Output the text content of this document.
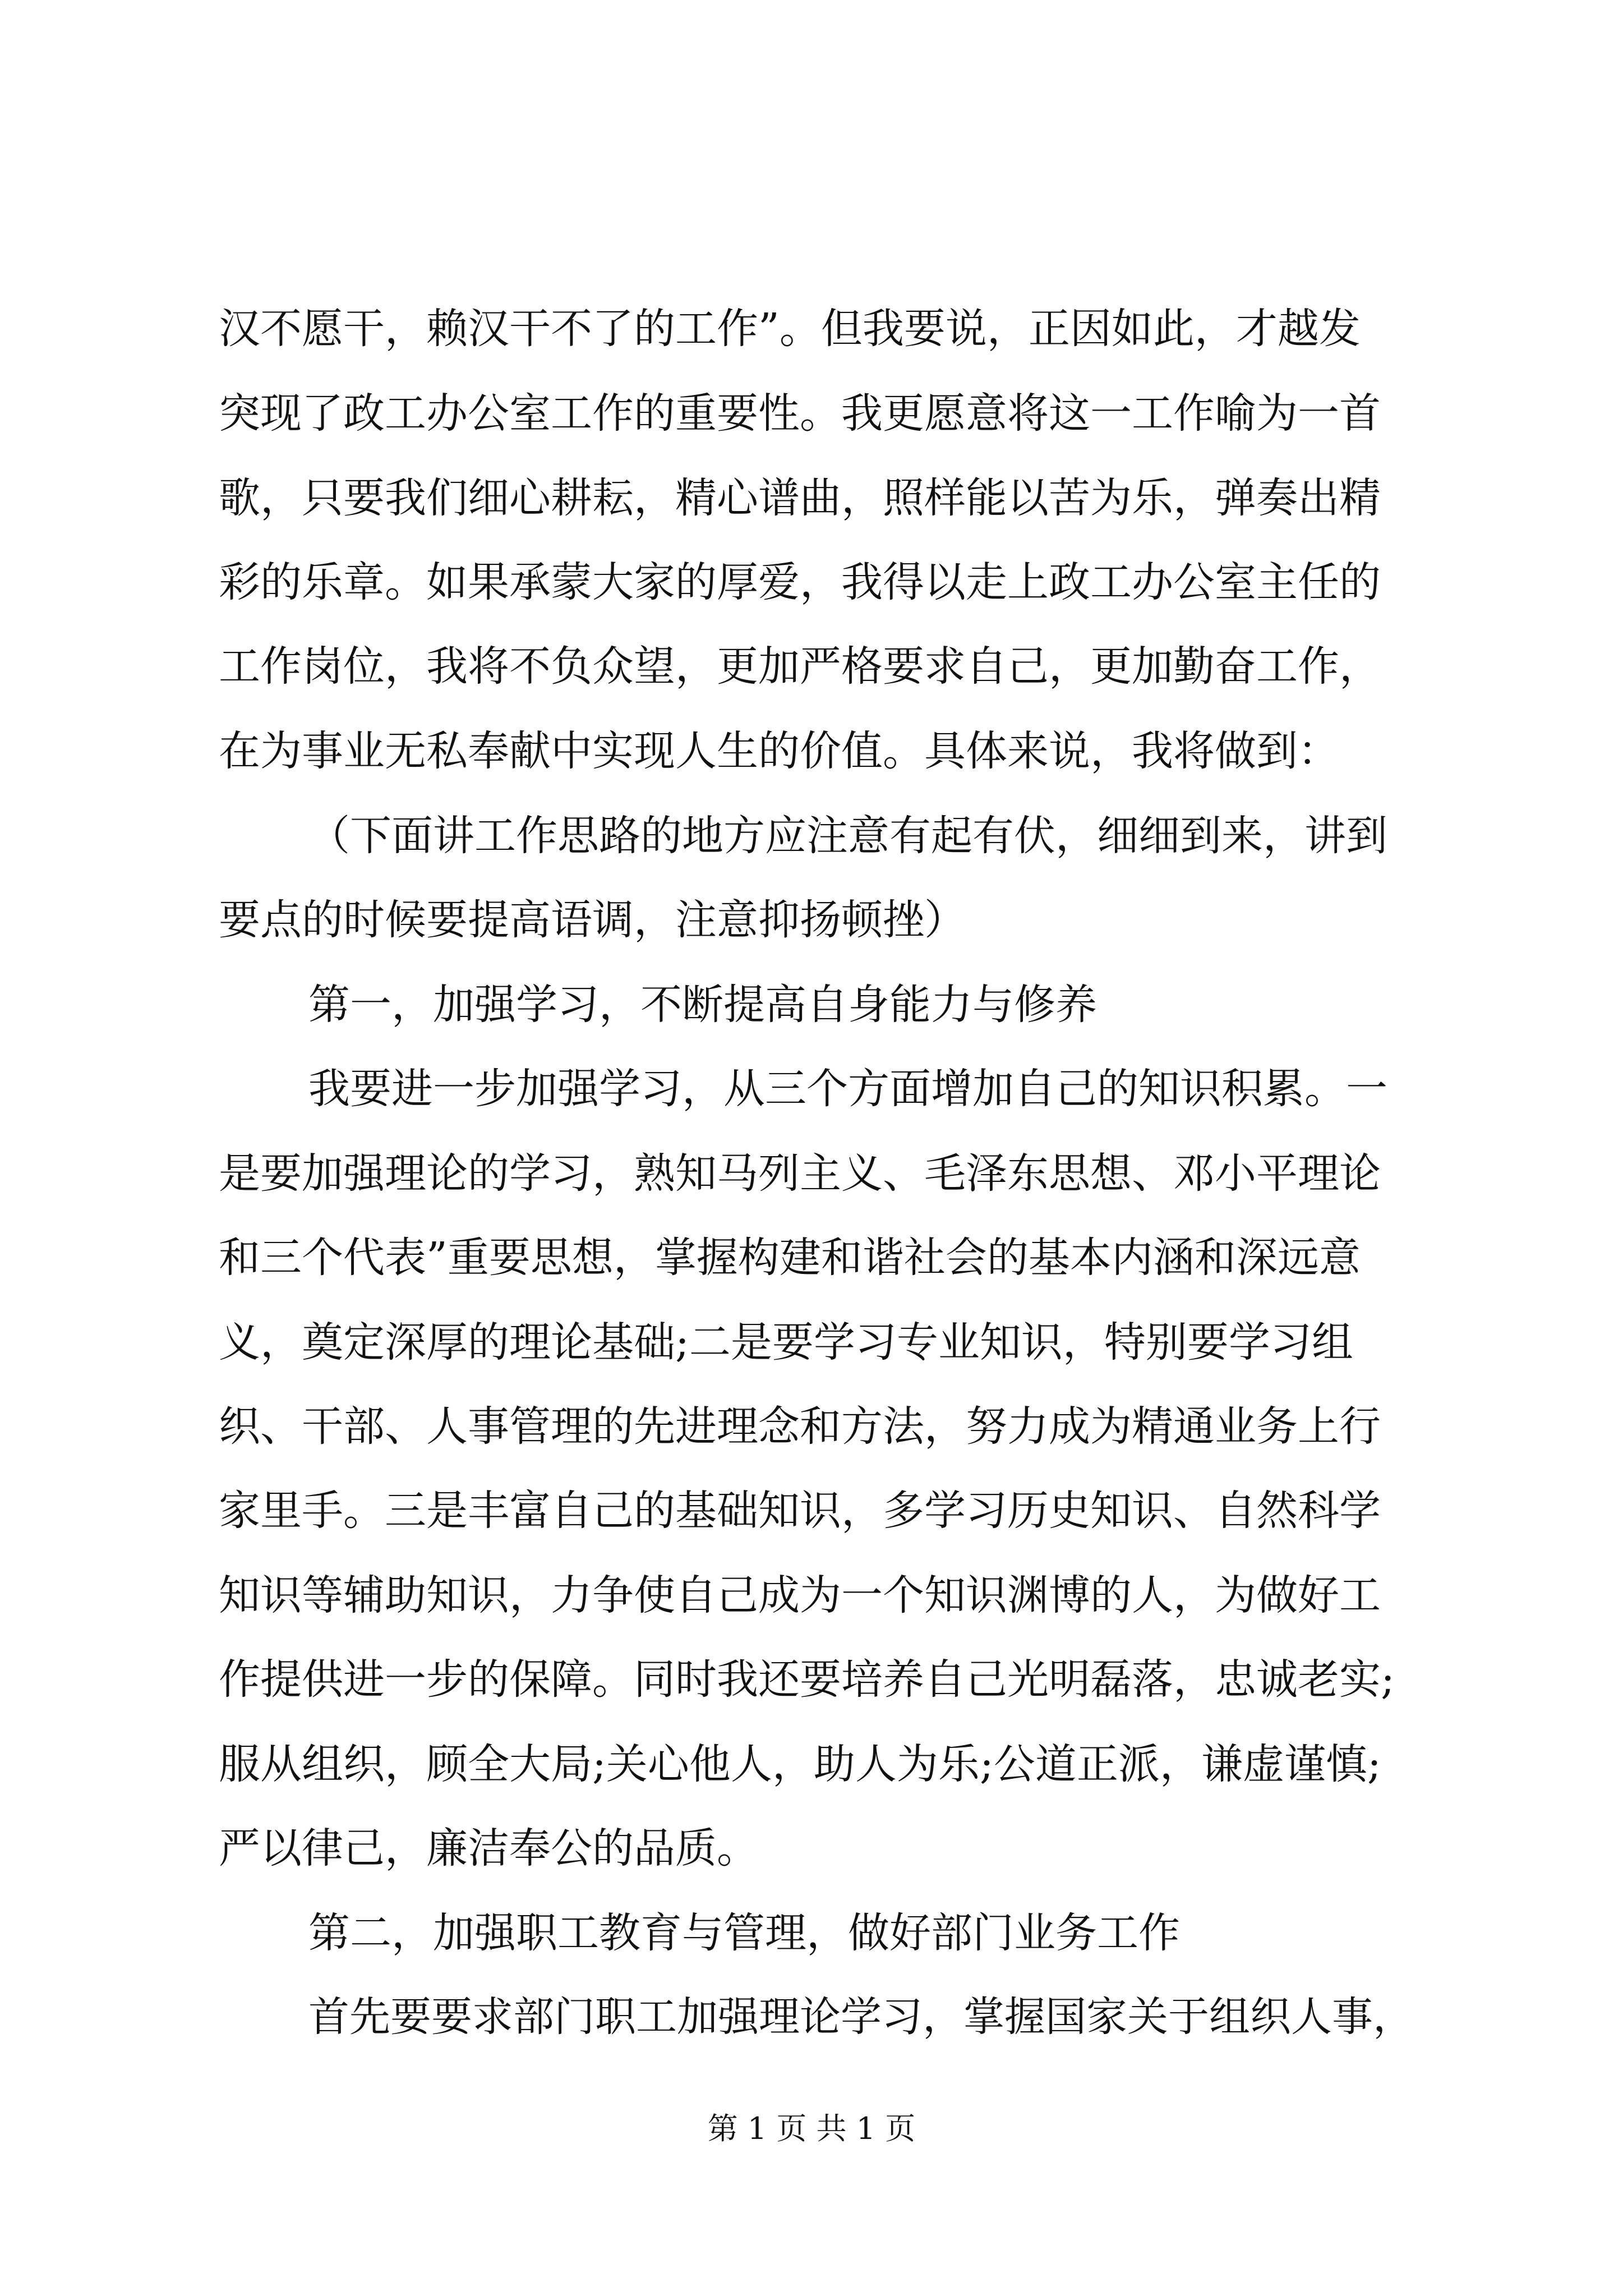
汉不愿干，赖汉干不了的工作”。但我要说，正因如此，才越发

突现了政工办公室工作的重要性。我更愿意将这一工作喻为一首

歌，只要我们细心耕耘，精心谱曲，照样能以苦为乐，弹奏出精

彩的乐章。如果承蒙大家的厚爱，我得以走上政工办公室主任的

工作岗位，我将不负众望，更加严格要求自己，更加勤奋工作，

在为事业无私奉献中实现人生的价值。具体来说，我将做到：

（下面讲工作思路的地方应注意有起有伏，细细到来，讲到

要点的时候要提高语调，注意抑扬顿挫）

第一，加强学习，不断提高自身能力与修养

我要进一步加强学习，从三个方面增加自己的知识积累。一

是要加强理论的学习，熟知马列主义、毛泽东思想、邓小平理论

和三个代表”重要思想，掌握构建和谐社会的基本内涵和深远意

义，奠定深厚的理论基础;二是要学习专业知识，特别要学习组

织、干部、人事管理的先进理念和方法，努力成为精通业务上行

家里手。三是丰富自己的基础知识，多学习历史知识、自然科学

知识等辅助知识，力争使自己成为一个知识渊博的人，为做好工

作提供进一步的保障。同时我还要培养自己光明磊落，忠诚老实;

服从组织，顾全大局;关心他人，助人为乐;公道正派，谦虚谨慎;

严以律己，廉洁奉公的品质。

第二，加强职工教育与管理，做好部门业务工作

首先要要求部门职工加强理论学习，掌握国家关于组织人事，

第 1 页 共 1 页
